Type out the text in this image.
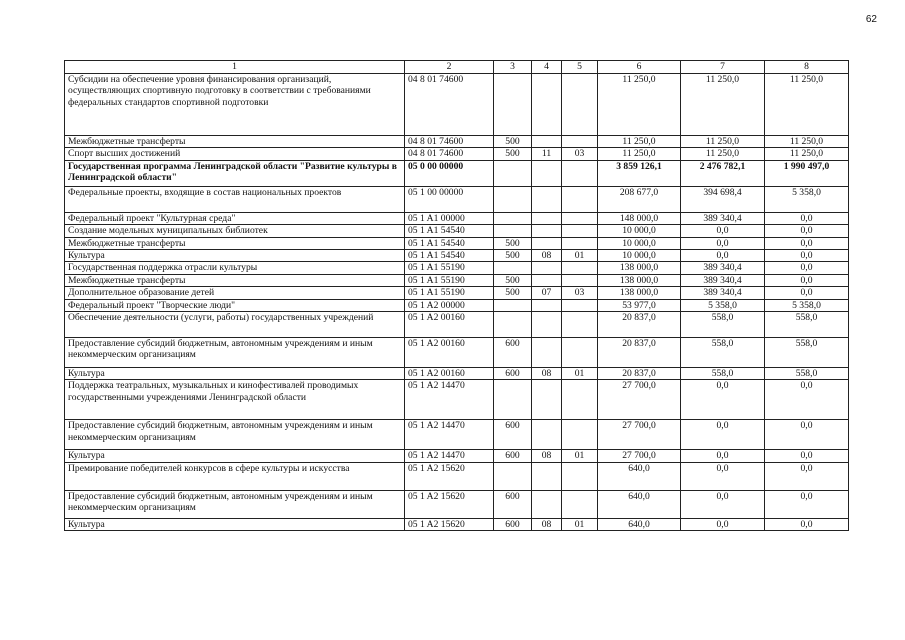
62
1	2	3	4	5	6	7	8
Субсидии на обеспечение уровня финансирования организаций, осуществляющих спортивную подготовку в соответствии с требованиями федеральных стандартов спортивной подготовки	04 8 01 74600				11 250,0	11 250,0	11 250,0
Межбюджетные трансферты	04 8 01 74600	500			11 250,0	11 250,0	11 250,0
Спорт высших достижений	04 8 01 74600	500	11	03	11 250,0	11 250,0	11 250,0
Государственная программа Ленинградской области "Развитие культуры в Ленинградской области"	05 0 00 00000				3 859 126,1	2 476 782,1	1 990 497,0
Федеральные проекты, входящие в состав национальных проектов	05 1 00 00000				208 677,0	394 698,4	5 358,0
Федеральный проект "Культурная среда"	05 1 A1 00000				148 000,0	389 340,4	0,0
Создание модельных муниципальных библиотек	05 1 A1 54540				10 000,0	0,0	0,0
Межбюджетные трансферты	05 1 A1 54540	500			10 000,0	0,0	0,0
Культура	05 1 A1 54540	500	08	01	10 000,0	0,0	0,0
Государственная поддержка отрасли культуры	05 1 A1 55190				138 000,0	389 340,4	0,0
Межбюджетные трансферты	05 1 A1 55190	500			138 000,0	389 340,4	0,0
Дополнительное образование детей	05 1 A1 55190	500	07	03	138 000,0	389 340,4	0,0
Федеральный проект "Творческие люди"	05 1 A2 00000				53 977,0	5 358,0	5 358,0
Обеспечение деятельности (услуги, работы) государственных учреждений	05 1 A2 00160				20 837,0	558,0	558,0
Предоставление субсидий бюджетным, автономным учреждениям и иным некоммерческим организациям	05 1 A2 00160	600			20 837,0	558,0	558,0
Культура	05 1 A2 00160	600	08	01	20 837,0	558,0	558,0
Поддержка театральных, музыкальных и кинофестивалей проводимых государственными учреждениями Ленинградской области	05 1 A2 14470				27 700,0	0,0	0,0
Предоставление субсидий бюджетным, автономным учреждениям и иным некоммерческим организациям	05 1 A2 14470	600			27 700,0	0,0	0,0
Культура	05 1 A2 14470	600	08	01	27 700,0	0,0	0,0
Премирование победителей конкурсов в сфере культуры и искусства	05 1 A2 15620				640,0	0,0	0,0
Предоставление субсидий бюджетным, автономным учреждениям и иным некоммерческим организациям	05 1 A2 15620	600			640,0	0,0	0,0
Культура	05 1 A2 15620	600	08	01	640,0	0,0	0,0
